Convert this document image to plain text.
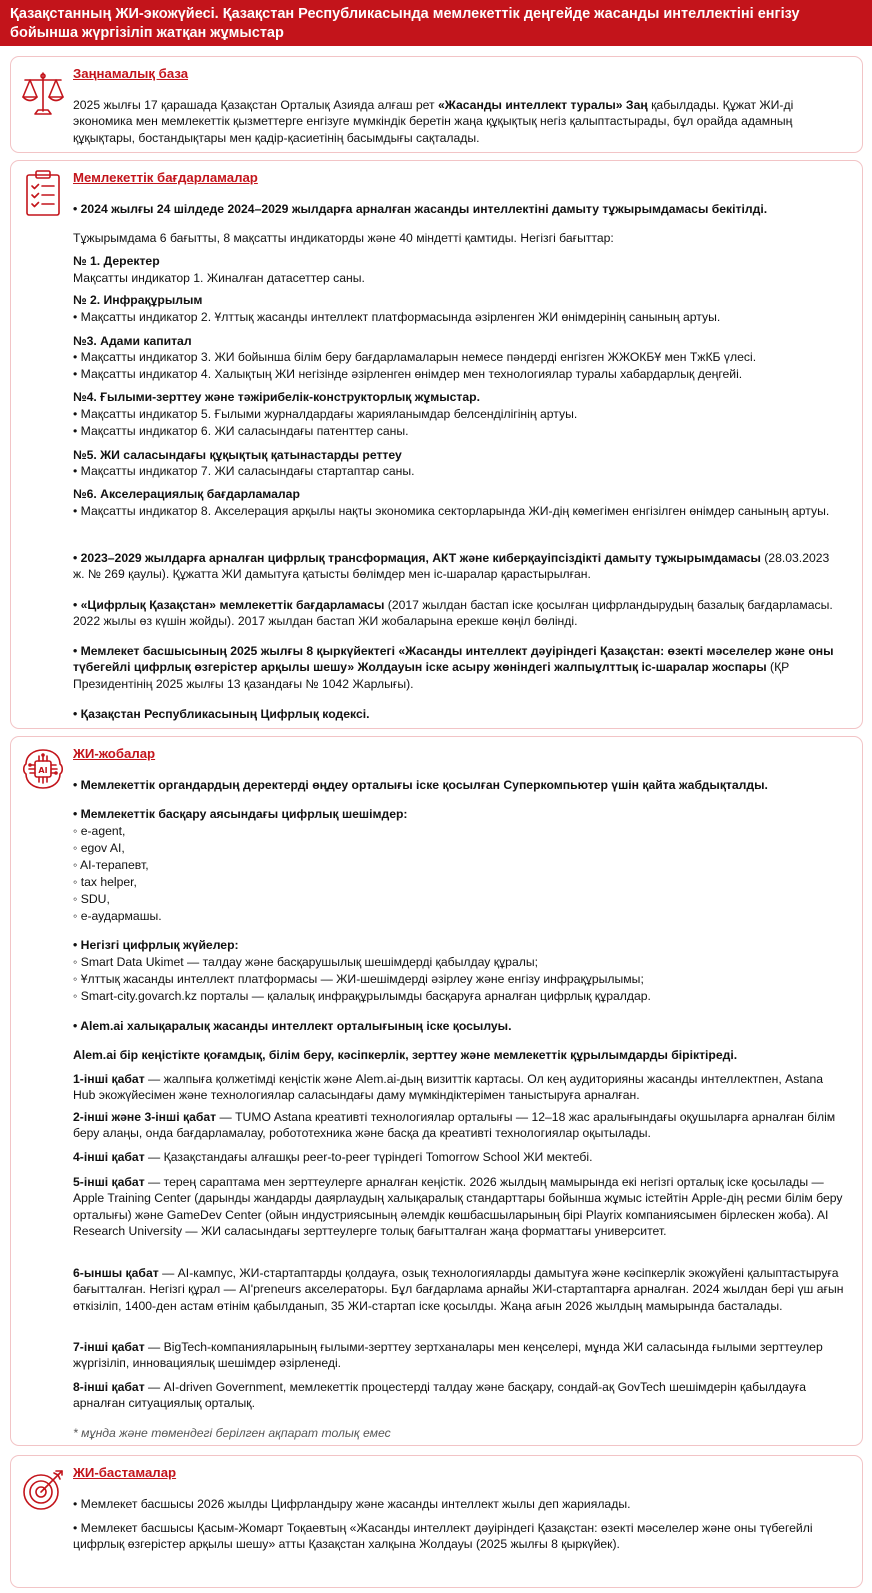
Қазақстанның ЖИ-экожүйесі. Қазақстан Республикасында мемлекеттік деңгейде жасанды интеллектіні енгізу бойынша жүргізіліп жатқан жұмыстар
Заңнамалық база

2025 жылғы 17 қарашада Қазақстан Орталық Азияда алғаш рет «Жасанды интеллект туралы» Заң қабылдады. Құжат ЖИ-ді экономика мен мемлекеттік қызметтерге енгізуге мүмкіндік беретін жаңа құқықтық негіз қалыптастырады, бұл орайда адамның құқықтары, бостандықтары мен қадір-қасиетінің басымдығы сақталады.

Мемлекеттік бағдарламалар

• 2024 жылғы 24 шілдеде 2024–2029 жылдарға арналған жасанды интеллектіні дамыту тұжырымдамасы бекітілді.

Тұжырымдама 6 бағытты, 8 мақсатты индикаторды және 40 міндетті қамтиды. Негізгі бағыттар:

№ 1. Деректер

Мақсатты индикатор 1. Жиналған датасеттер саны.

№ 2. Инфрақұрылым

• Мақсатты индикатор 2. Ұлттық жасанды интеллект платформасында әзірленген ЖИ өнімдерінің санының артуы.

№3. Адами капитал

• Мақсатты индикатор 3. ЖИ бойынша білім беру бағдарламаларын немесе пәндерді енгізген ЖЖОКБҰ мен ТжКБ үлесі.

• Мақсатты индикатор 4. Халықтың ЖИ негізінде әзірленген өнімдер мен технологиялар туралы хабардарлық деңгейі.

№4. Ғылыми-зерттеу және тәжірибелік-конструкторлық жұмыстар.

• Мақсатты индикатор 5. Ғылыми журналдардағы жарияланымдар белсенділігінің артуы.

• Мақсатты индикатор 6. ЖИ саласындағы патенттер саны.

№5. ЖИ саласындағы құқықтық қатынастарды реттеу

• Мақсатты индикатор 7. ЖИ саласындағы стартаптар саны.

№6. Акселерациялық бағдарламалар

• Мақсатты индикатор 8. Акселерация арқылы нақты экономика секторларында ЖИ-дің көмегімен енгізілген өнімдер санының артуы.

• 2023–2029 жылдарға арналған цифрлық трансформация, АКТ және киберқауіпсіздікті дамыту тұжырымдамасы (28.03.2023 ж. № 269 қаулы). Құжатта ЖИ дамытуға қатысты бөлімдер мен іс-шаралар қарастырылған.

• «Цифрлық Қазақстан» мемлекеттік бағдарламасы (2017 жылдан бастап іске қосылған цифрландырудың базалық бағдарламасы. 2022 жылы өз күшін жойды). 2017 жылдан бастап ЖИ жобаларына ерекше көңіл бөлінді.

• Мемлекет басшысының 2025 жылғы 8 қыркүйектегі «Жасанды интеллект дәуіріндегі Қазақстан: өзекті мәселелер және оны түбегейлі цифрлық өзгерістер арқылы шешу» Жолдауын іске асыру жөніндегі жалпыұлттық іс-шаралар жоспары (ҚР Президентінің 2025 жылғы 13 қазандағы № 1042 Жарлығы).

• Қазақстан Республикасының Цифрлық кодексі.

AI
ЖИ-жобалар

• Мемлекеттік органдардың деректерді өңдеу орталығы іске қосылған Суперкомпьютер үшін қайта жабдықталды.

• Мемлекеттік басқару аясындағы цифрлық шешімдер:

◦ e-agent,

◦ egov AI,

◦ AI-терапевт,

◦ tax helper,

◦ SDU,

◦ e-аудармашы.

• Негізгі цифрлық жүйелер:

◦ Smart Data Ukimet — талдау және басқарушылық шешімдерді қабылдау құралы;

◦ Ұлттық жасанды интеллект платформасы — ЖИ-шешімдерді әзірлеу және енгізу инфрақұрылымы;

◦ Smart-city.govarch.kz порталы — қалалық инфрақұрылымды басқаруға арналған цифрлық құралдар.

• Alem.ai халықаралық жасанды интеллект орталығының іске қосылуы.

Alem.ai бір кеңістікте қоғамдық, білім беру, кәсіпкерлік, зерттеу және мемлекеттік құрылымдарды біріктіреді.

1-інші қабат — жалпыға қолжетімді кеңістік және Alem.ai-дың визиттік картасы. Ол кең аудиторияны жасанды интеллектпен, Astana Hub экожүйесімен және технологиялар саласындағы даму мүмкіндіктерімен таныстыруға арналған.

2-інші және 3-інші қабат — TUMO Astana креативті технологиялар орталығы — 12–18 жас аралығындағы оқушыларға арналған білім беру алаңы, онда бағдарламалау, робототехника және басқа да креативті технологиялар оқытылады.

4-інші қабат — Қазақстандағы алғашқы peer-to-peer түріндегі Tomorrow School ЖИ мектебі.

5-інші қабат — терең сараптама мен зерттеулерге арналған кеңістік. 2026 жылдың мамырында екі негізгі орталық іске қосылады — Apple Training Center (дарынды жандарды даярлаудың халықаралық стандарттары бойынша жұмыс істейтін Apple-дің ресми білім беру орталығы) және GameDev Center (ойын индустриясының әлемдік көшбасшыларының бірі Playrix компаниясымен бірлескен жоба). AI Research University — ЖИ саласындағы зерттеулерге толық бағытталған жаңа форматтағы университет.

6-ыншы қабат — AI-кампус, ЖИ-стартаптарды қолдауға, озық технологияларды дамытуға және кәсіпкерлік экожүйені қалыптастыруға бағытталған. Негізгі құрал — AI'preneurs акселераторы. Бұл бағдарлама арнайы ЖИ-стартаптарға арналған. 2024 жылдан бері үш ағын өткізіліп, 1400-ден астам өтінім қабылданып, 35 ЖИ-стартап іске қосылды. Жаңа ағын 2026 жылдың мамырында басталады.

7-інші қабат — BigTech-компанияларының ғылыми-зерттеу зертханалары мен кеңселері, мұнда ЖИ саласында ғылыми зерттеулер жүргізіліп, инновациялық шешімдер әзірленеді.

8-інші қабат — AI-driven Government, мемлекеттік процестерді талдау және басқару, сондай-ақ GovTech шешімдерін қабылдауға арналған ситуациялық орталық.

* мұнда және төмендегі берілген ақпарат толық емес

ЖИ-бастамалар

• Мемлекет басшысы 2026 жылды Цифрландыру және жасанды интеллект жылы деп жариялады.

• Мемлекет басшысы Қасым-Жомарт Тоқаевтың «Жасанды интеллект дәуіріндегі Қазақстан: өзекті мәселелер және оны түбегейлі цифрлық өзгерістер арқылы шешу» атты Қазақстан халқына Жолдауы (2025 жылғы 8 қыркүйек).
